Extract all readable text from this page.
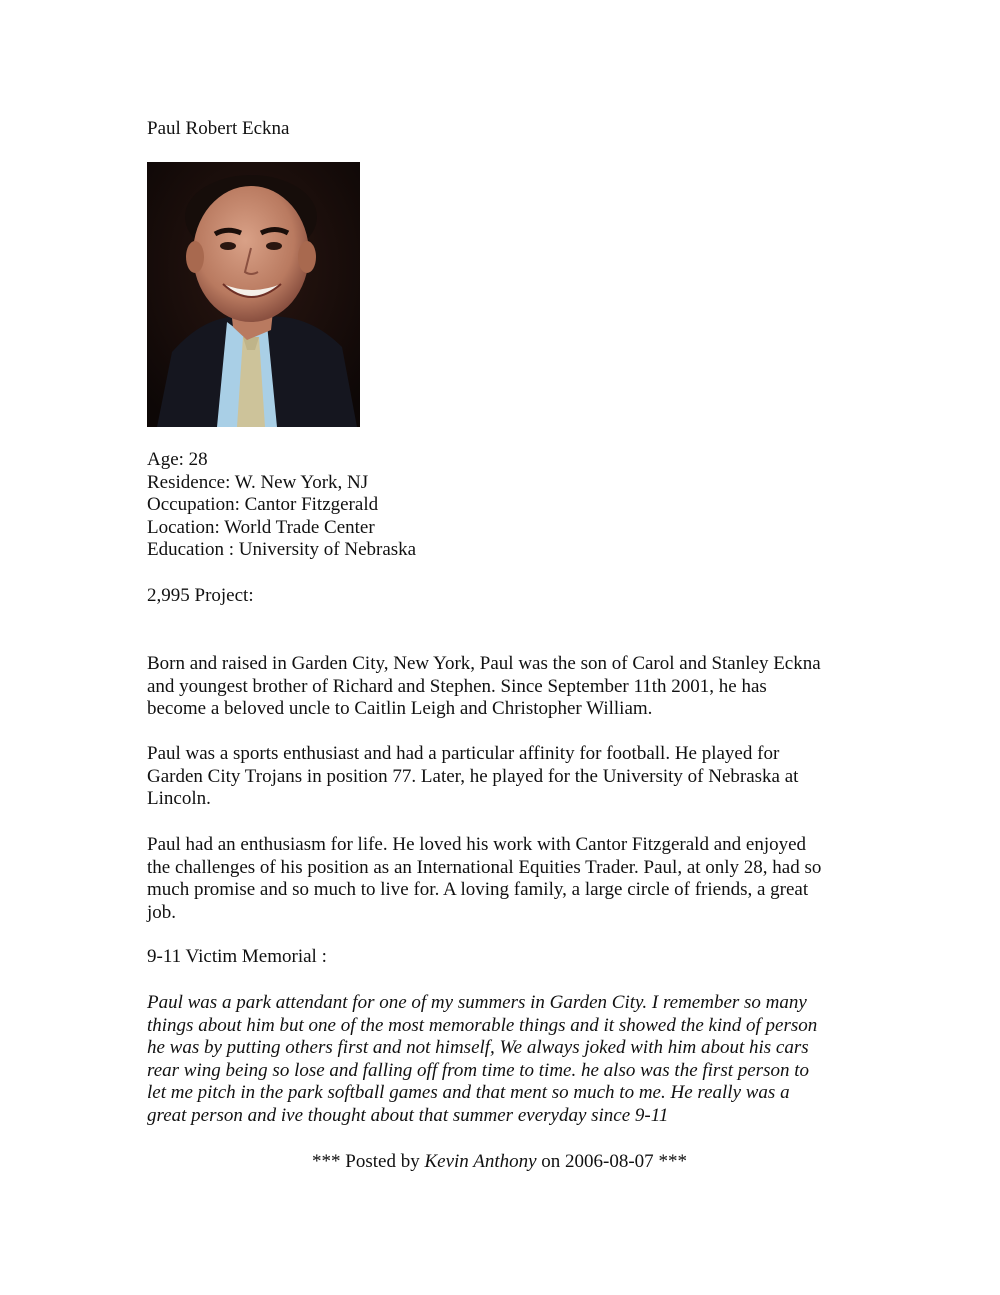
Paul Robert Eckna
Age: 28
Residence: W. New York, NJ
Occupation: Cantor Fitzgerald
Location: World Trade Center
Education : University of Nebraska
2,995 Project:
Born and raised in Garden City, New York, Paul was the son of Carol and Stanley Eckna
and youngest brother of Richard and Stephen. Since September 11th 2001, he has
become a beloved uncle to Caitlin Leigh and Christopher William.
Paul was a sports enthusiast and had a particular affinity for football. He played for
Garden City Trojans in position 77. Later, he played for the University of Nebraska at
Lincoln.
Paul had an enthusiasm for life. He loved his work with Cantor Fitzgerald and enjoyed
the challenges of his position as an International Equities Trader. Paul, at only 28, had so
much promise and so much to live for. A loving family, a large circle of friends, a great
job.
9-11 Victim Memorial :
Paul was a park attendant for one of my summers in Garden City. I remember so many
things about him but one of the most memorable things and it showed the kind of person
he was by putting others first and not himself, We always joked with him about his cars
rear wing being so lose and falling off from time to time. he also was the first person to
let me pitch in the park softball games and that ment so much to me. He really was a
great person and ive thought about that summer everyday since 9-11
*** Posted by Kevin Anthony on 2006-08-07 ***
